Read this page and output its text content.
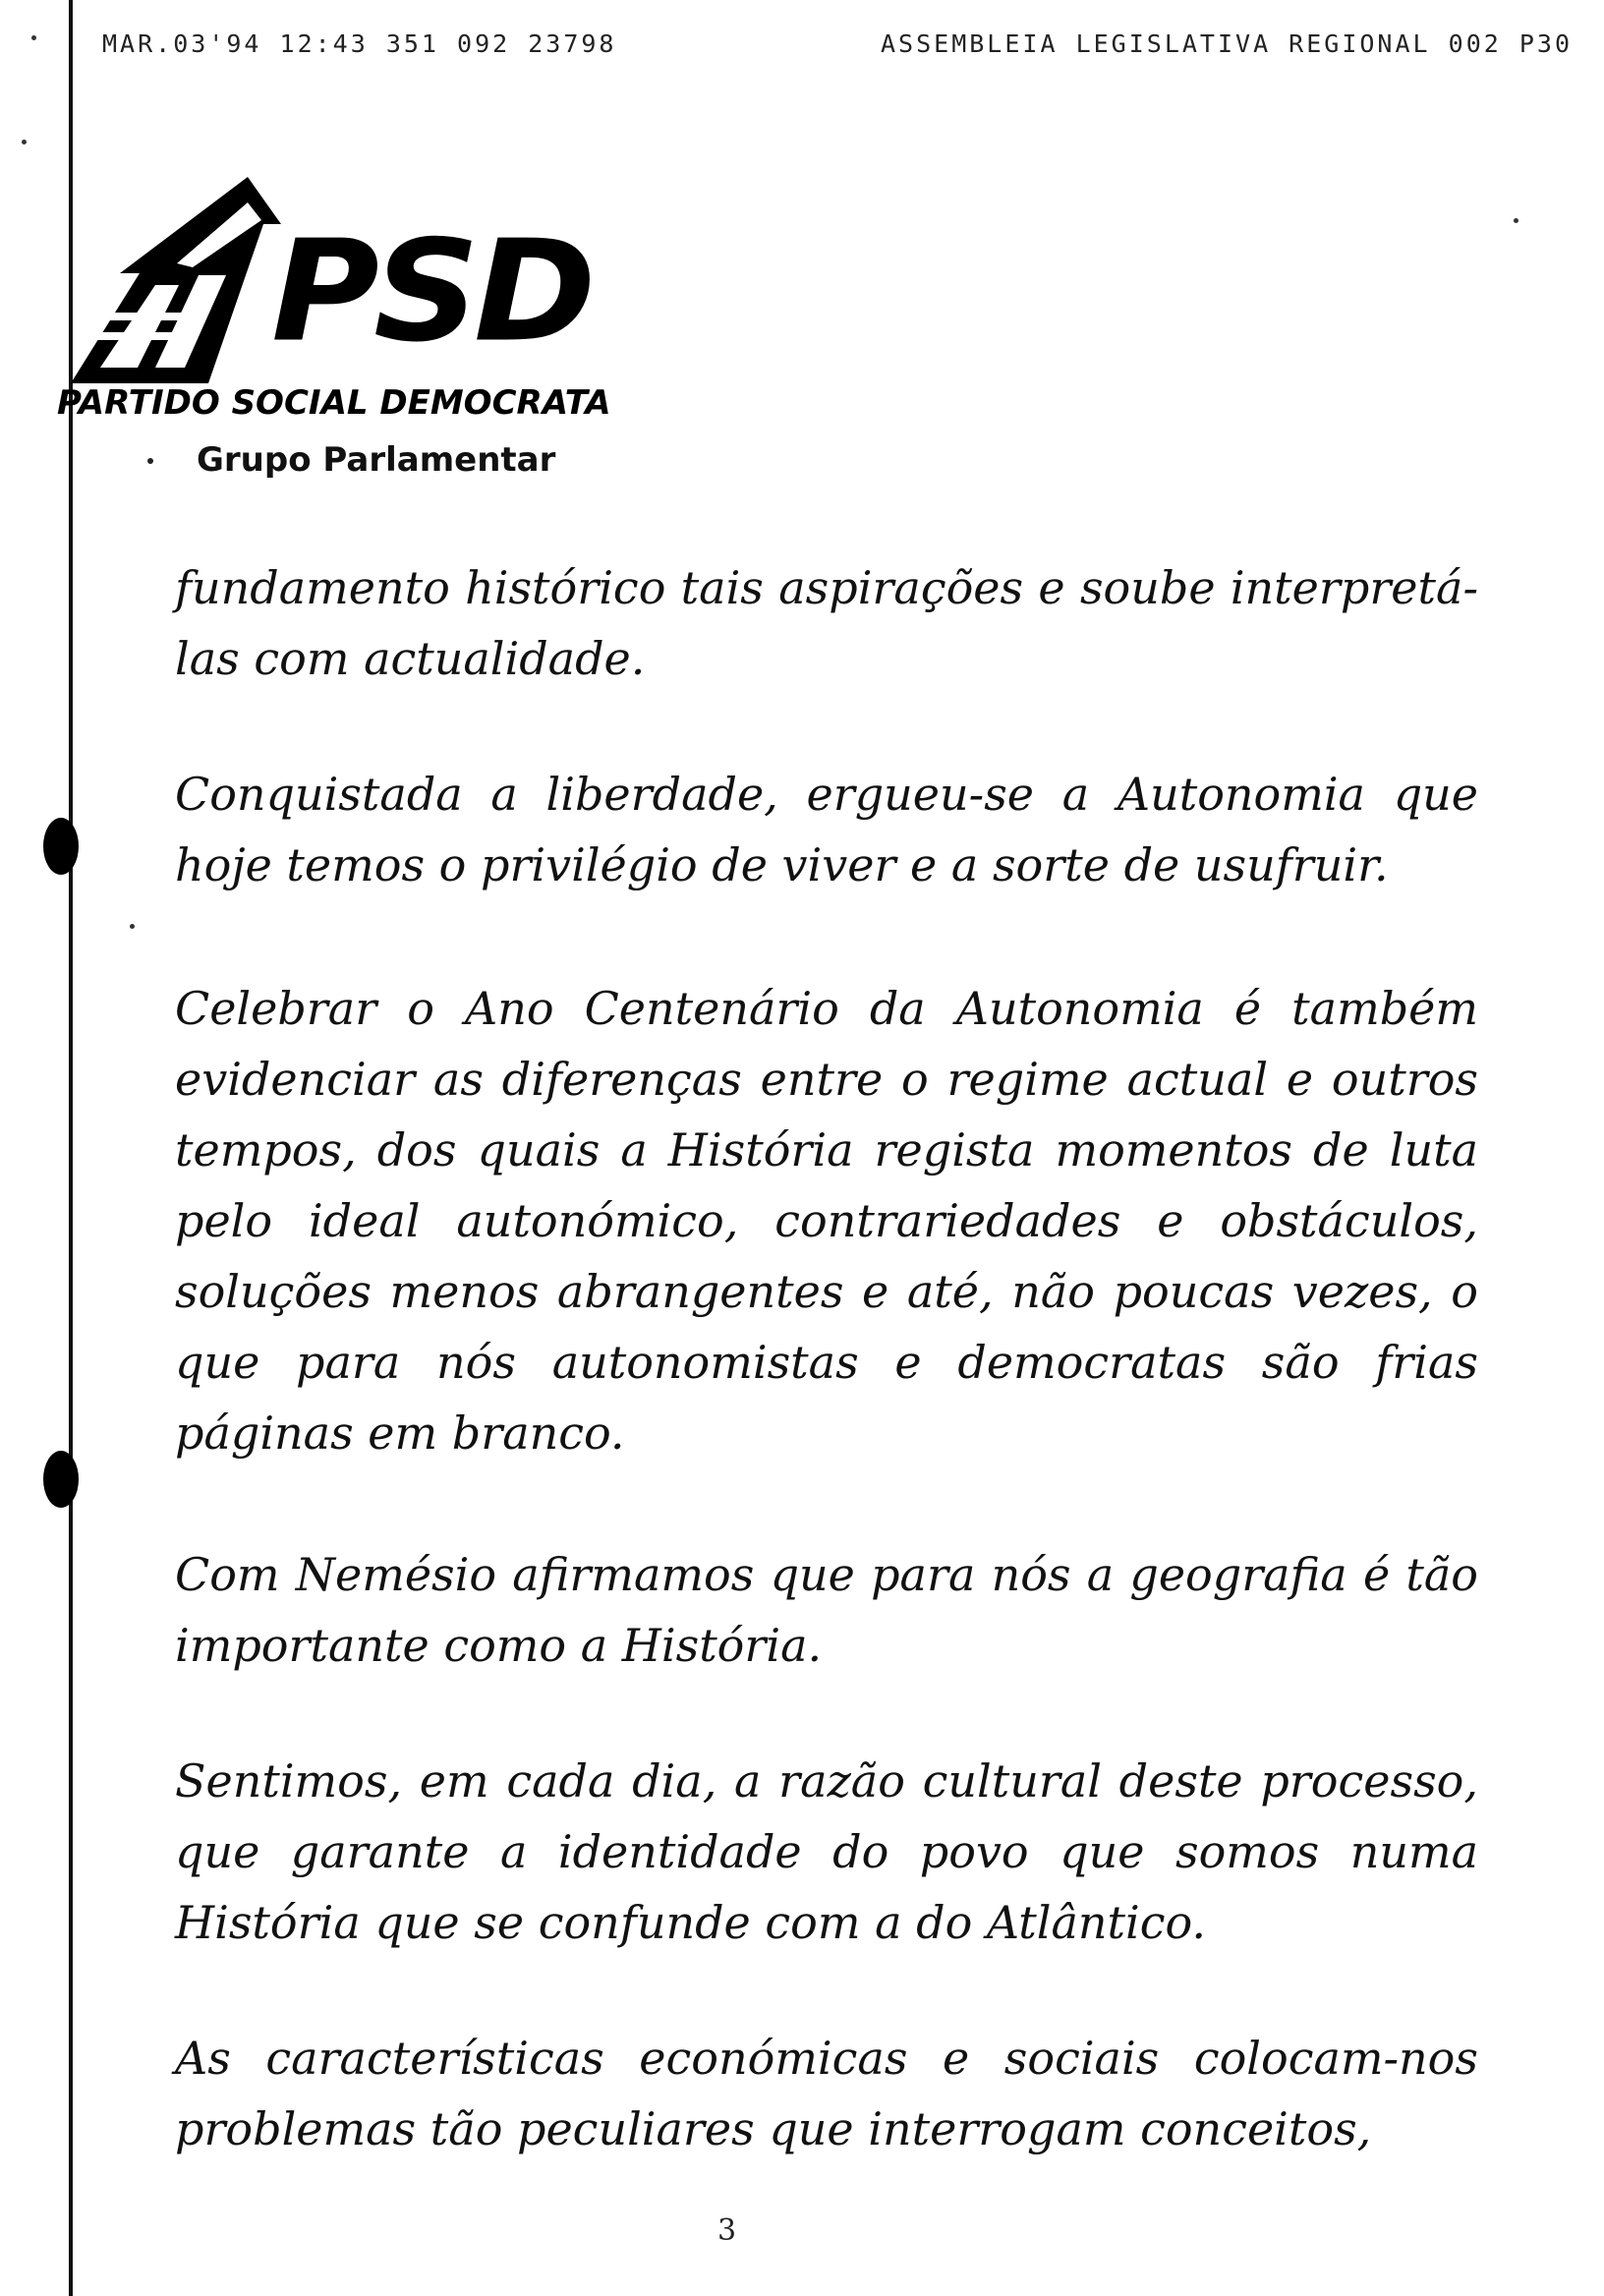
MAR.03'94 12:43 351 092 23798	ASSEMBLEIA LEGISLATIVA REGIONAL 002 P30
PSD
PARTIDO SOCIAL DEMOCRATA
Grupo Parlamentar
fundamento histórico tais aspirações e soube interpretá-las com actualidade.
Conquistada a liberdade, ergueu-se a Autonomia que hoje temos o privilégio de viver e a sorte de usufruir.
Celebrar o Ano Centenário da Autonomia é também evidenciar as diferenças entre o regime actual e outros tempos, dos quais a História regista momentos de luta pelo ideal autonómico, contrariedades e obstáculos, soluções menos abrangentes e até, não poucas vezes, o que para nós autonomistas e democratas são frias páginas em branco.
Com Nemésio afirmamos que para nós a geografia é tão importante como a História.
Sentimos, em cada dia, a razão cultural deste processo, que garante a identidade do povo que somos numa História que se confunde com a do Atlântico.
As características económicas e sociais colocam-nos problemas tão peculiares que interrogam conceitos,
3
